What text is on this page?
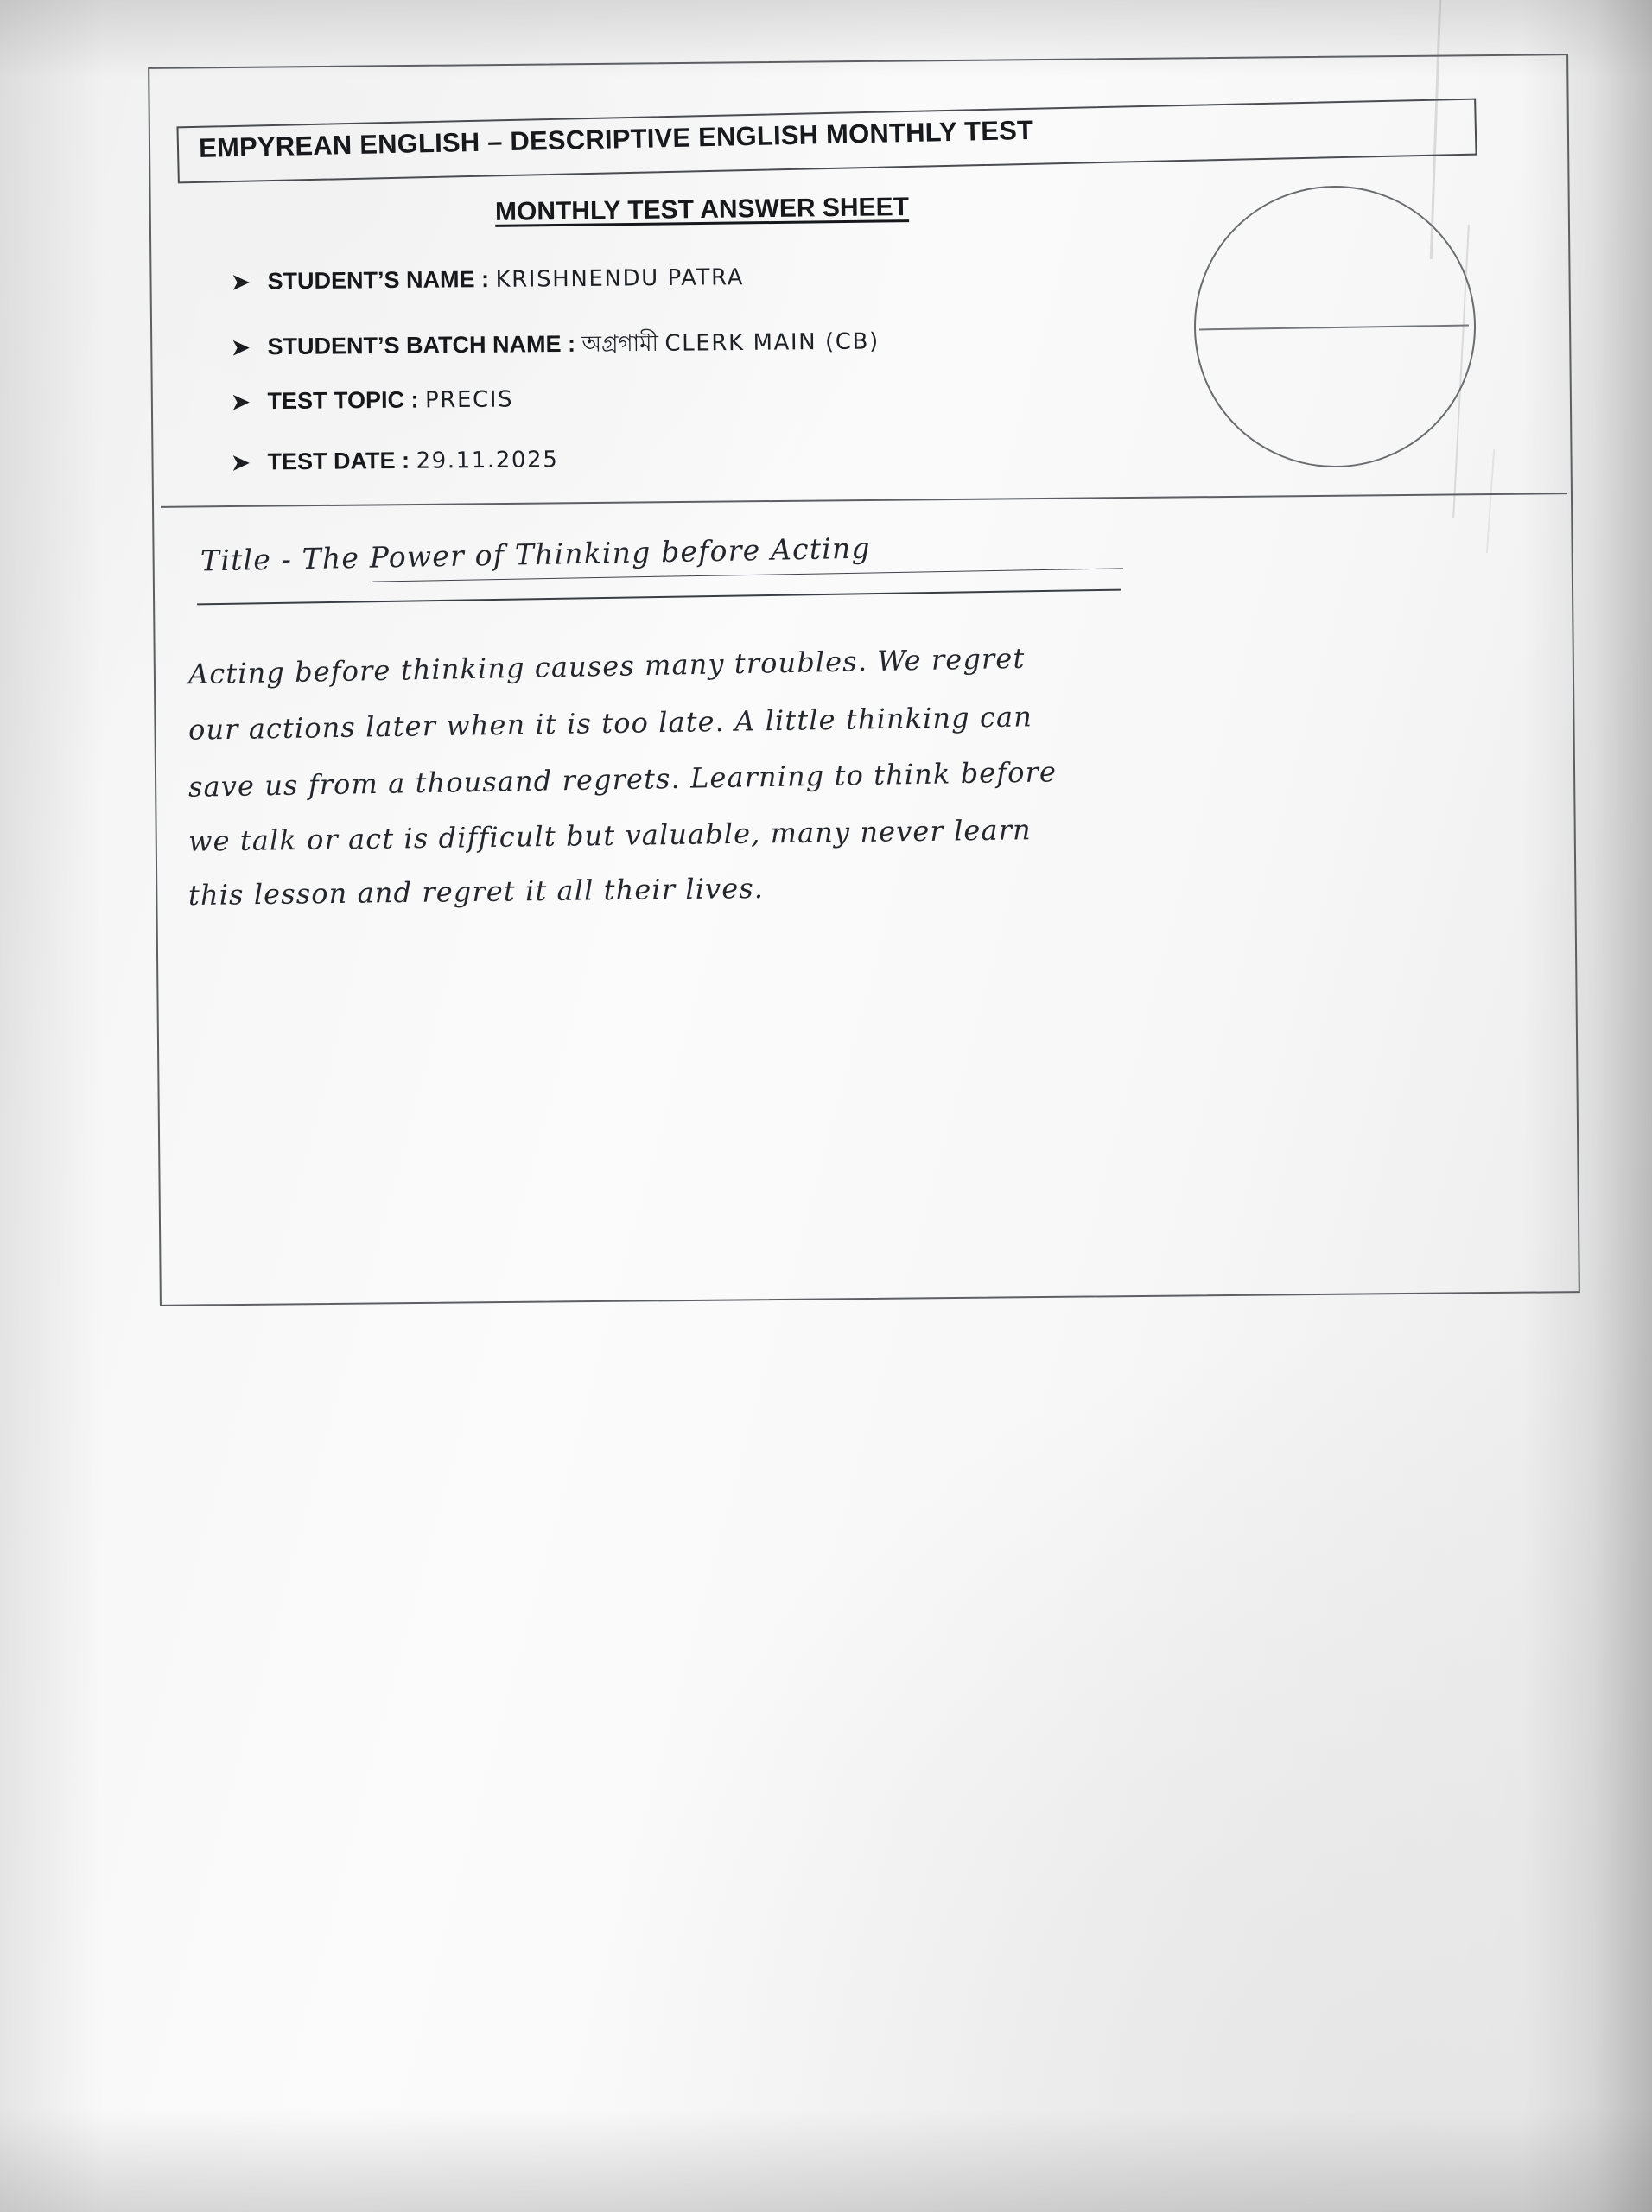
EMPYREAN ENGLISH – DESCRIPTIVE ENGLISH MONTHLY TEST
MONTHLY TEST ANSWER SHEET
➤ STUDENT’S NAME : KRISHNENDU PATRA
➤ STUDENT’S BATCH NAME : অগ্রগামী CLERK MAIN (CB)
➤ TEST TOPIC : PRECIS
➤ TEST DATE : 29.11.2025
Title - The Power of Thinking before Acting
Acting before thinking causes many troubles. We regret
our actions later when it is too late. A little thinking can
save us from a thousand regrets. Learning to think before
we talk or act is difficult but valuable, many never learn
this lesson and regret it all their lives.
